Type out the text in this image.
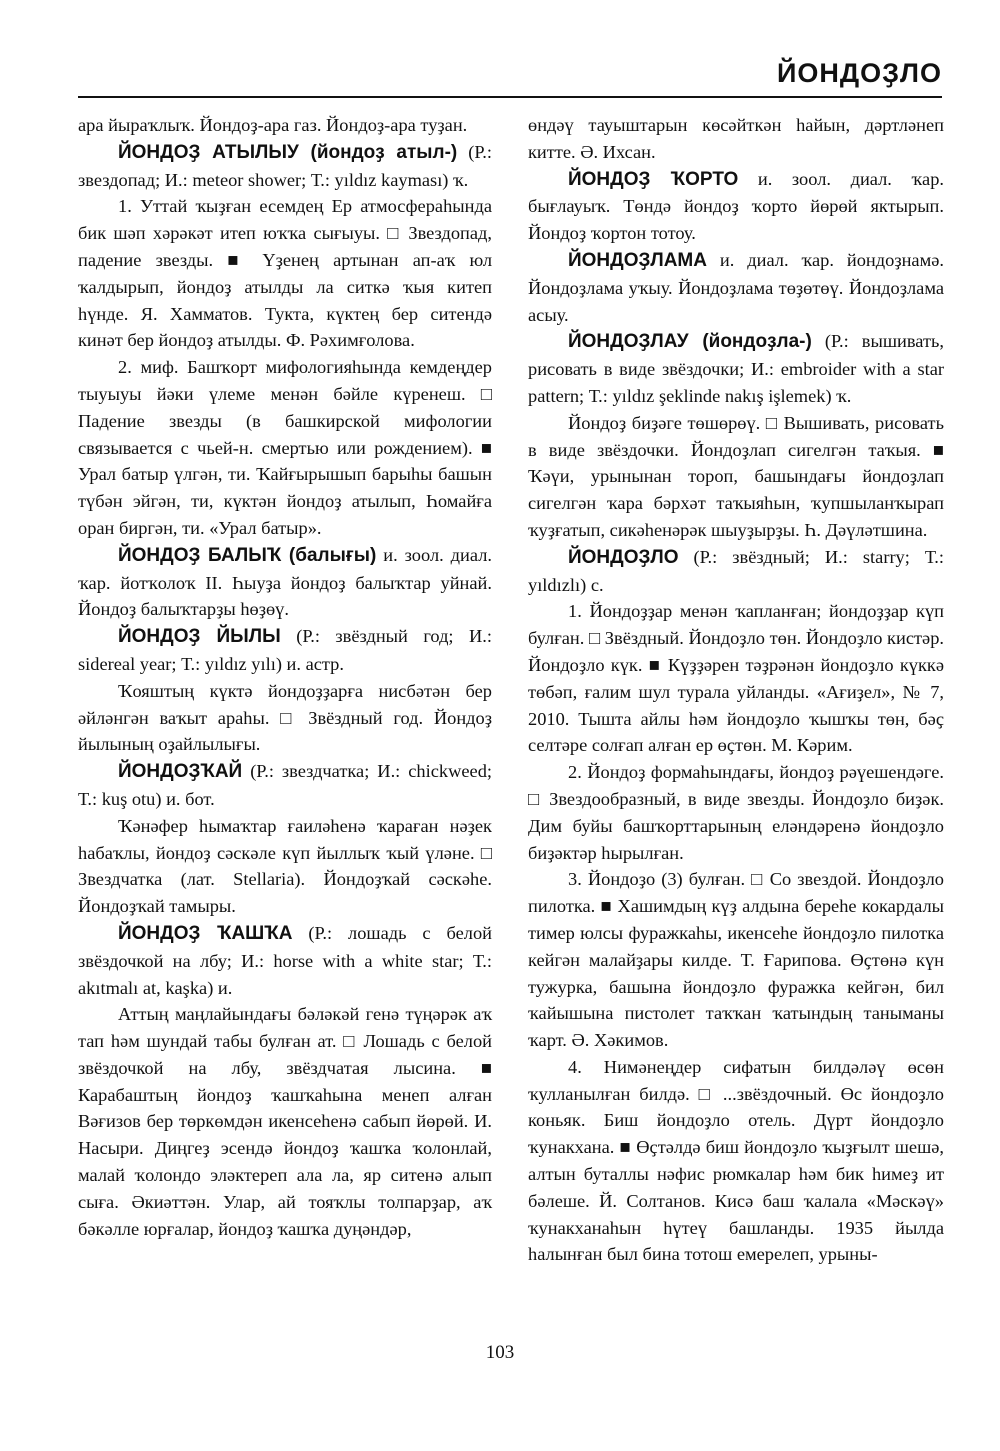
ЙОНДОҘЛО

ара йыраҡлыҡ. Йондоҙ-ара газ. Йондоҙ-ара туҙан.

ЙОНДОҘ АТЫЛЫУ (йондоҙ атыл-) (Р.: звездопад; И.: meteor shower; Т.: yıldız kayması) ҡ.

1. Уттай ҡыҙған есемдең Ер атмосфераһында бик шәп хәрәкәт итеп юҡҡа сығыуы. □ Звездопад, падение звезды. ■ Үҙенең артынан ап-аҡ юл ҡалдырып, йондоҙ атылды ла ситкә ҡыя китеп һүнде. Я. Хамматов. Тукта, күктең бер ситендә кинәт бер йондоҙ атылды. Ф. Рәхимғолова.

2. миф. Башҡорт мифологияһында кемдеңдер тыуыуы йәки үлеме менән бәйле күренеш. □ Падение звезды (в башкирской мифологии связывается с чьей-н. смертью или рождением). ■ Урал батыр үлгән, ти. Ҡайғырышып барыһы башын түбән эйгән, ти, күктән йондоҙ атылып, Һомайға оран биргән, ти. «Урал батыр».

ЙОНДОҘ БАЛЫҠ (балығы) и. зоол. диал. ҡар. йотҡолоҡ II. Һыуҙа йондоҙ балыҡтар уйнай. Йондоҙ балыҡтарҙы һөҙөү.

ЙОНДОҘ ЙЫЛЫ (Р.: звёздный год; И.: sidereal year; Т.: yıldız yılı) и. астр.

Ҡояштың күктә йондоҙҙарға нисбәтән бер әйләнгән ваҡыт араһы. □ Звёздный год. Йондоҙ йылының оҙайлылығы.

ЙОНДОҘҠАЙ (Р.: звездчатка; И.: chickweed; Т.: kuş otu) и. бот.

Ҡәнәфер һымаҡтар ғаиләһенә ҡараған нәҙек һабаҡлы, йондоҙ сәскәле күп йыллыҡ ҡый үләне. □ Звездчатка (лат. Stellaria). Йондоҙҡай сәскәһе. Йондоҙҡай тамыры.

ЙОНДОҘ ҠАШҠА (Р.: лошадь с белой звёздочкой на лбу; И.: horse with a white star; Т.: akıtmalı at, kaşka) и.

Аттың маңлайындағы бәләкәй генә түңәрәк аҡ тап һәм шундай табы булған ат. □ Лошадь с белой звёздочкой на лбу, звёздчатая лысина. ■ Карабаштың йондоҙ ҡашҡаһына менеп алған Вәғизов бер төркөмдән икенсеһенә сабып йөрөй. И. Насыри. Диңгеҙ эсендә йондоҙ ҡашҡа ҡолонлай, малай ҡолондо эләктереп ала ла, яр ситенә алып сыға. Әкиәттән. Улар, ай тояҡлы толпарҙар, аҡ бәкәлле юрғалар, йондоҙ ҡашҡа дуңәндәр,

өндәү тауыштарын көсәйткән һайын, дәртләнеп китте. Ә. Ихсан.

ЙОНДОҘ ҠОРТО и. зоол. диал. ҡар. бығлауыҡ. Төндә йондоҙ ҡорто йөрөй яктырып. Йондоҙ ҡортон тотоу.

ЙОНДОҘЛАМА и. диал. ҡар. йондоҙнамә. Йондоҙлама уҡыу. Йондоҙлама төҙөтөү. Йондоҙлама асыу.

ЙОНДОҘЛАУ (йондоҙла-) (Р.: вышивать, рисовать в виде звёздочки; И.: embroider with a star pattern; Т.: yıldız şeklinde nakış işlemek) ҡ.

Йондоҙ биҙәге төшөрөү. □ Вышивать, рисовать в виде звёздочки. Йондоҙлап сигелгән таҡыя. ■ Ҡәүи, урынынан тороп, башындағы йондоҙлап сигелгән ҡара бәрхәт таҡыяһын, ҡупшыланҡырап ҡуҙғатып, сикәһенәрәк шыуҙырҙы. Һ. Дәүләтшина.

ЙОНДОҘЛО (Р.: звёздный; И.: starry; Т.: yıldızlı) с.

1. Йондоҙҙар менән ҡапланған; йондоҙҙар күп булған. □ Звёздный. Йондоҙло төн. Йондоҙло кистәр. Йондоҙло күк. ■ Күҙҙәрен тәҙрәнән йондоҙло күккә төбәп, ғалим шул турала уйланды. «Ағиҙел», № 7, 2010. Тышта айлы һәм йондоҙло ҡышҡы төн, бәҫ селтәре солғап алған ер өҫтөн. М. Кәрим.

2. Йондоҙ формаһындағы, йондоҙ рәүешендәге. □ Звездообразный, в виде звезды. Йондоҙло биҙәк. Дим буйы башҡорттарының еләндәренә йондоҙло биҙәктәр һырылған.

3. Йондоҙо (3) булған. □ Со звездой. Йондоҙло пилотка. ■ Хашимдың күҙ алдына береһе кокардалы тимер юлсы фуражкаһы, икенсеһе йондоҙло пилотка кейгән малайҙары килде. Т. Ғарипова. Өҫтөнә күн тужурка, башына йондоҙло фуражка кейгән, бил ҡайышына пистолет таҡҡан ҡатындың таныманы ҡарт. Ә. Хәкимов.

4. Нимәнеңдер сифатын билдәләү өсөн ҡулланылған билдә. □ ...звёздочный. Өс йондоҙло коньяк. Биш йондоҙло отель. Дүрт йондоҙло ҡунакхана. ■ Өҫтәлдә биш йондоҙло ҡыҙғылт шешә, алтын буталлы нәфис рюмкалар һәм бик һимеҙ ит бәлеше. Й. Солтанов. Кисә баш ҡалала «Мәскәү» ҡунакханаһын һүтеү башланды. 1935 йылда һалынған был бина тотош емерелеп, урыны-

103
